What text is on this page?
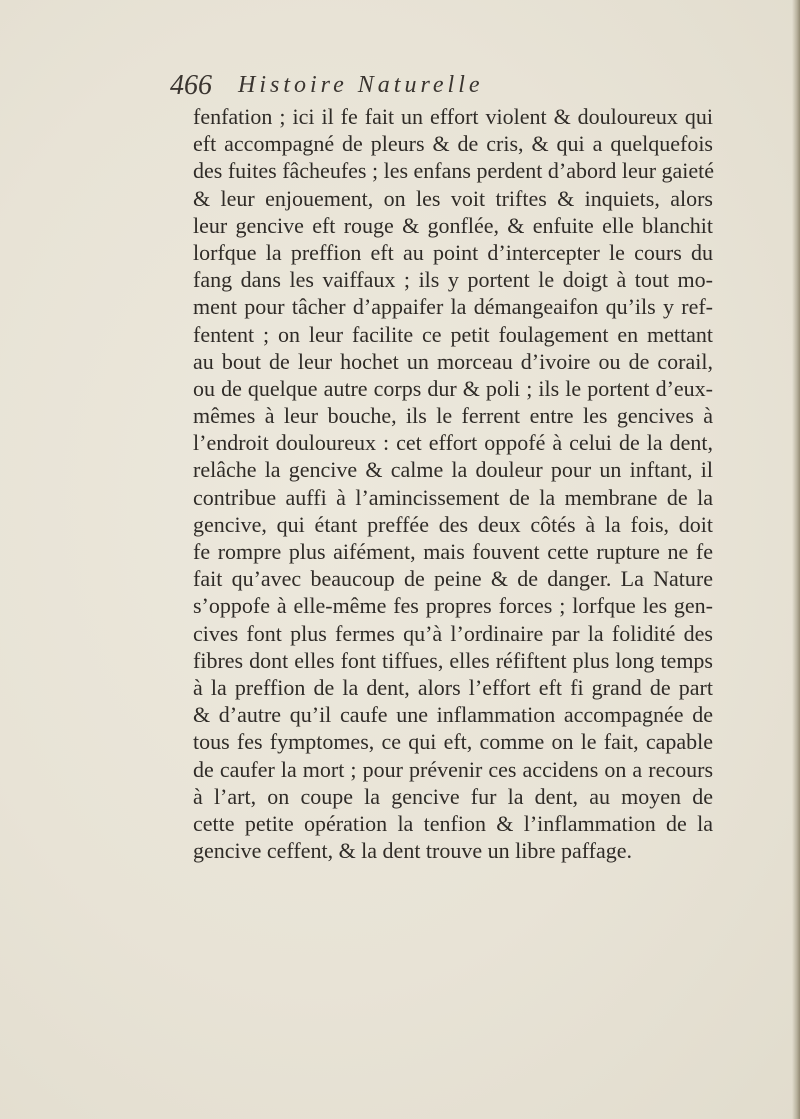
466 Histoire Naturelle
fenfation ; ici il fe fait un effort violent & douloureux qui
eft accompagné de pleurs & de cris, & qui a quelquefois
des fuites fâcheufes ; les enfans perdent d’abord leur gaieté
& leur enjouement, on les voit triftes & inquiets, alors
leur gencive eft rouge & gonflée, & enfuite elle blanchit
lorfque la preffion eft au point d’intercepter le cours du
fang dans les vaiffaux ; ils y portent le doigt à tout mo-
ment pour tâcher d’appaifer la démangeaifon qu’ils y ref-
fentent ; on leur facilite ce petit foulagement en mettant
au bout de leur hochet un morceau d’ivoire ou de corail,
ou de quelque autre corps dur & poli ; ils le portent d’eux-
mêmes à leur bouche, ils le ferrent entre les gencives à
l’endroit douloureux : cet effort oppofé à celui de la dent,
relâche la gencive & calme la douleur pour un inftant, il
contribue auffi à l’amincissement de la membrane de la
gencive, qui étant preffée des deux côtés à la fois, doit
fe rompre plus aifément, mais fouvent cette rupture ne fe
fait qu’avec beaucoup de peine & de danger. La Nature
s’oppofe à elle-même fes propres forces ; lorfque les gen-
cives font plus fermes qu’à l’ordinaire par la folidité des
fibres dont elles font tiffues, elles réfiftent plus long temps
à la preffion de la dent, alors l’effort eft fi grand de part
& d’autre qu’il caufe une inflammation accompagnée de
tous fes fymptomes, ce qui eft, comme on le fait, capable
de caufer la mort ; pour prévenir ces accidens on a recours
à l’art, on coupe la gencive fur la dent, au moyen de
cette petite opération la tenfion & l’inflammation de la
gencive ceffent, & la dent trouve un libre paffage.
